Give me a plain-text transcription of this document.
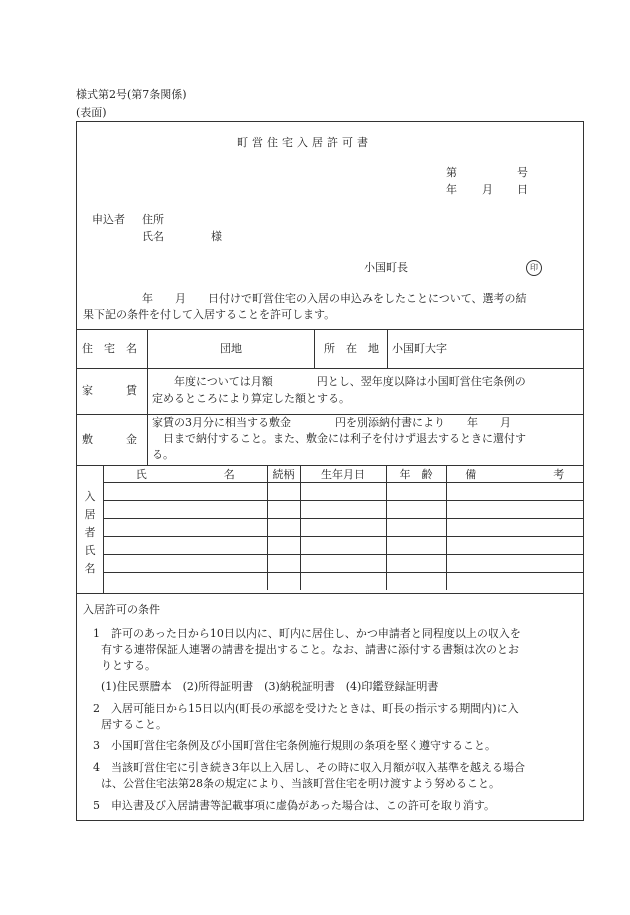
様式第2号(第7条関係)
(表面)
町営住宅入居許可書
第	号
年 月 日
申込者 住所
氏名	様
小国町長	印
年　　月　　日付けで町営住宅の入居の申込みをしたことについて、選考の結
果下記の条件を付して入居することを許可します。
住　宅　名	団地	所　在　地 小国町大字
家　　　賃
年度については月額　　　　円とし、翌年度以降は小国町営住宅条例の
定めるところにより算定した額とする。
敷　　　金
家賃の3月分に相当する敷金　　　　円を別添納付書により　　年　　月
日まで納付すること。また、敷金には利子を付けず退去するときに還付す
る。
入
居
者
氏
名
氏　　　　　　　名	続柄	生年月日	年　齢	備　　　　　　　考

入居許可の条件
1　許可のあった日から10日以内に、町内に居住し、かつ申請者と同程度以上の収入を
有する連帯保証人連署の請書を提出すること。なお、請書に添付する書類は次のとお
りとする。
(1)住民票謄本　(2)所得証明書　(3)納税証明書　(4)印鑑登録証明書
2　入居可能日から15日以内(町長の承認を受けたときは、町長の指示する期間内)に入
居すること。
3　小国町営住宅条例及び小国町営住宅条例施行規則の条項を堅く遵守すること。
4　当該町営住宅に引き続き3年以上入居し、その時に収入月額が収入基準を越える場合
は、公営住宅法第28条の規定により、当該町営住宅を明け渡すよう努めること。
5　申込書及び入居請書等記載事項に虚偽があった場合は、この許可を取り消す。
